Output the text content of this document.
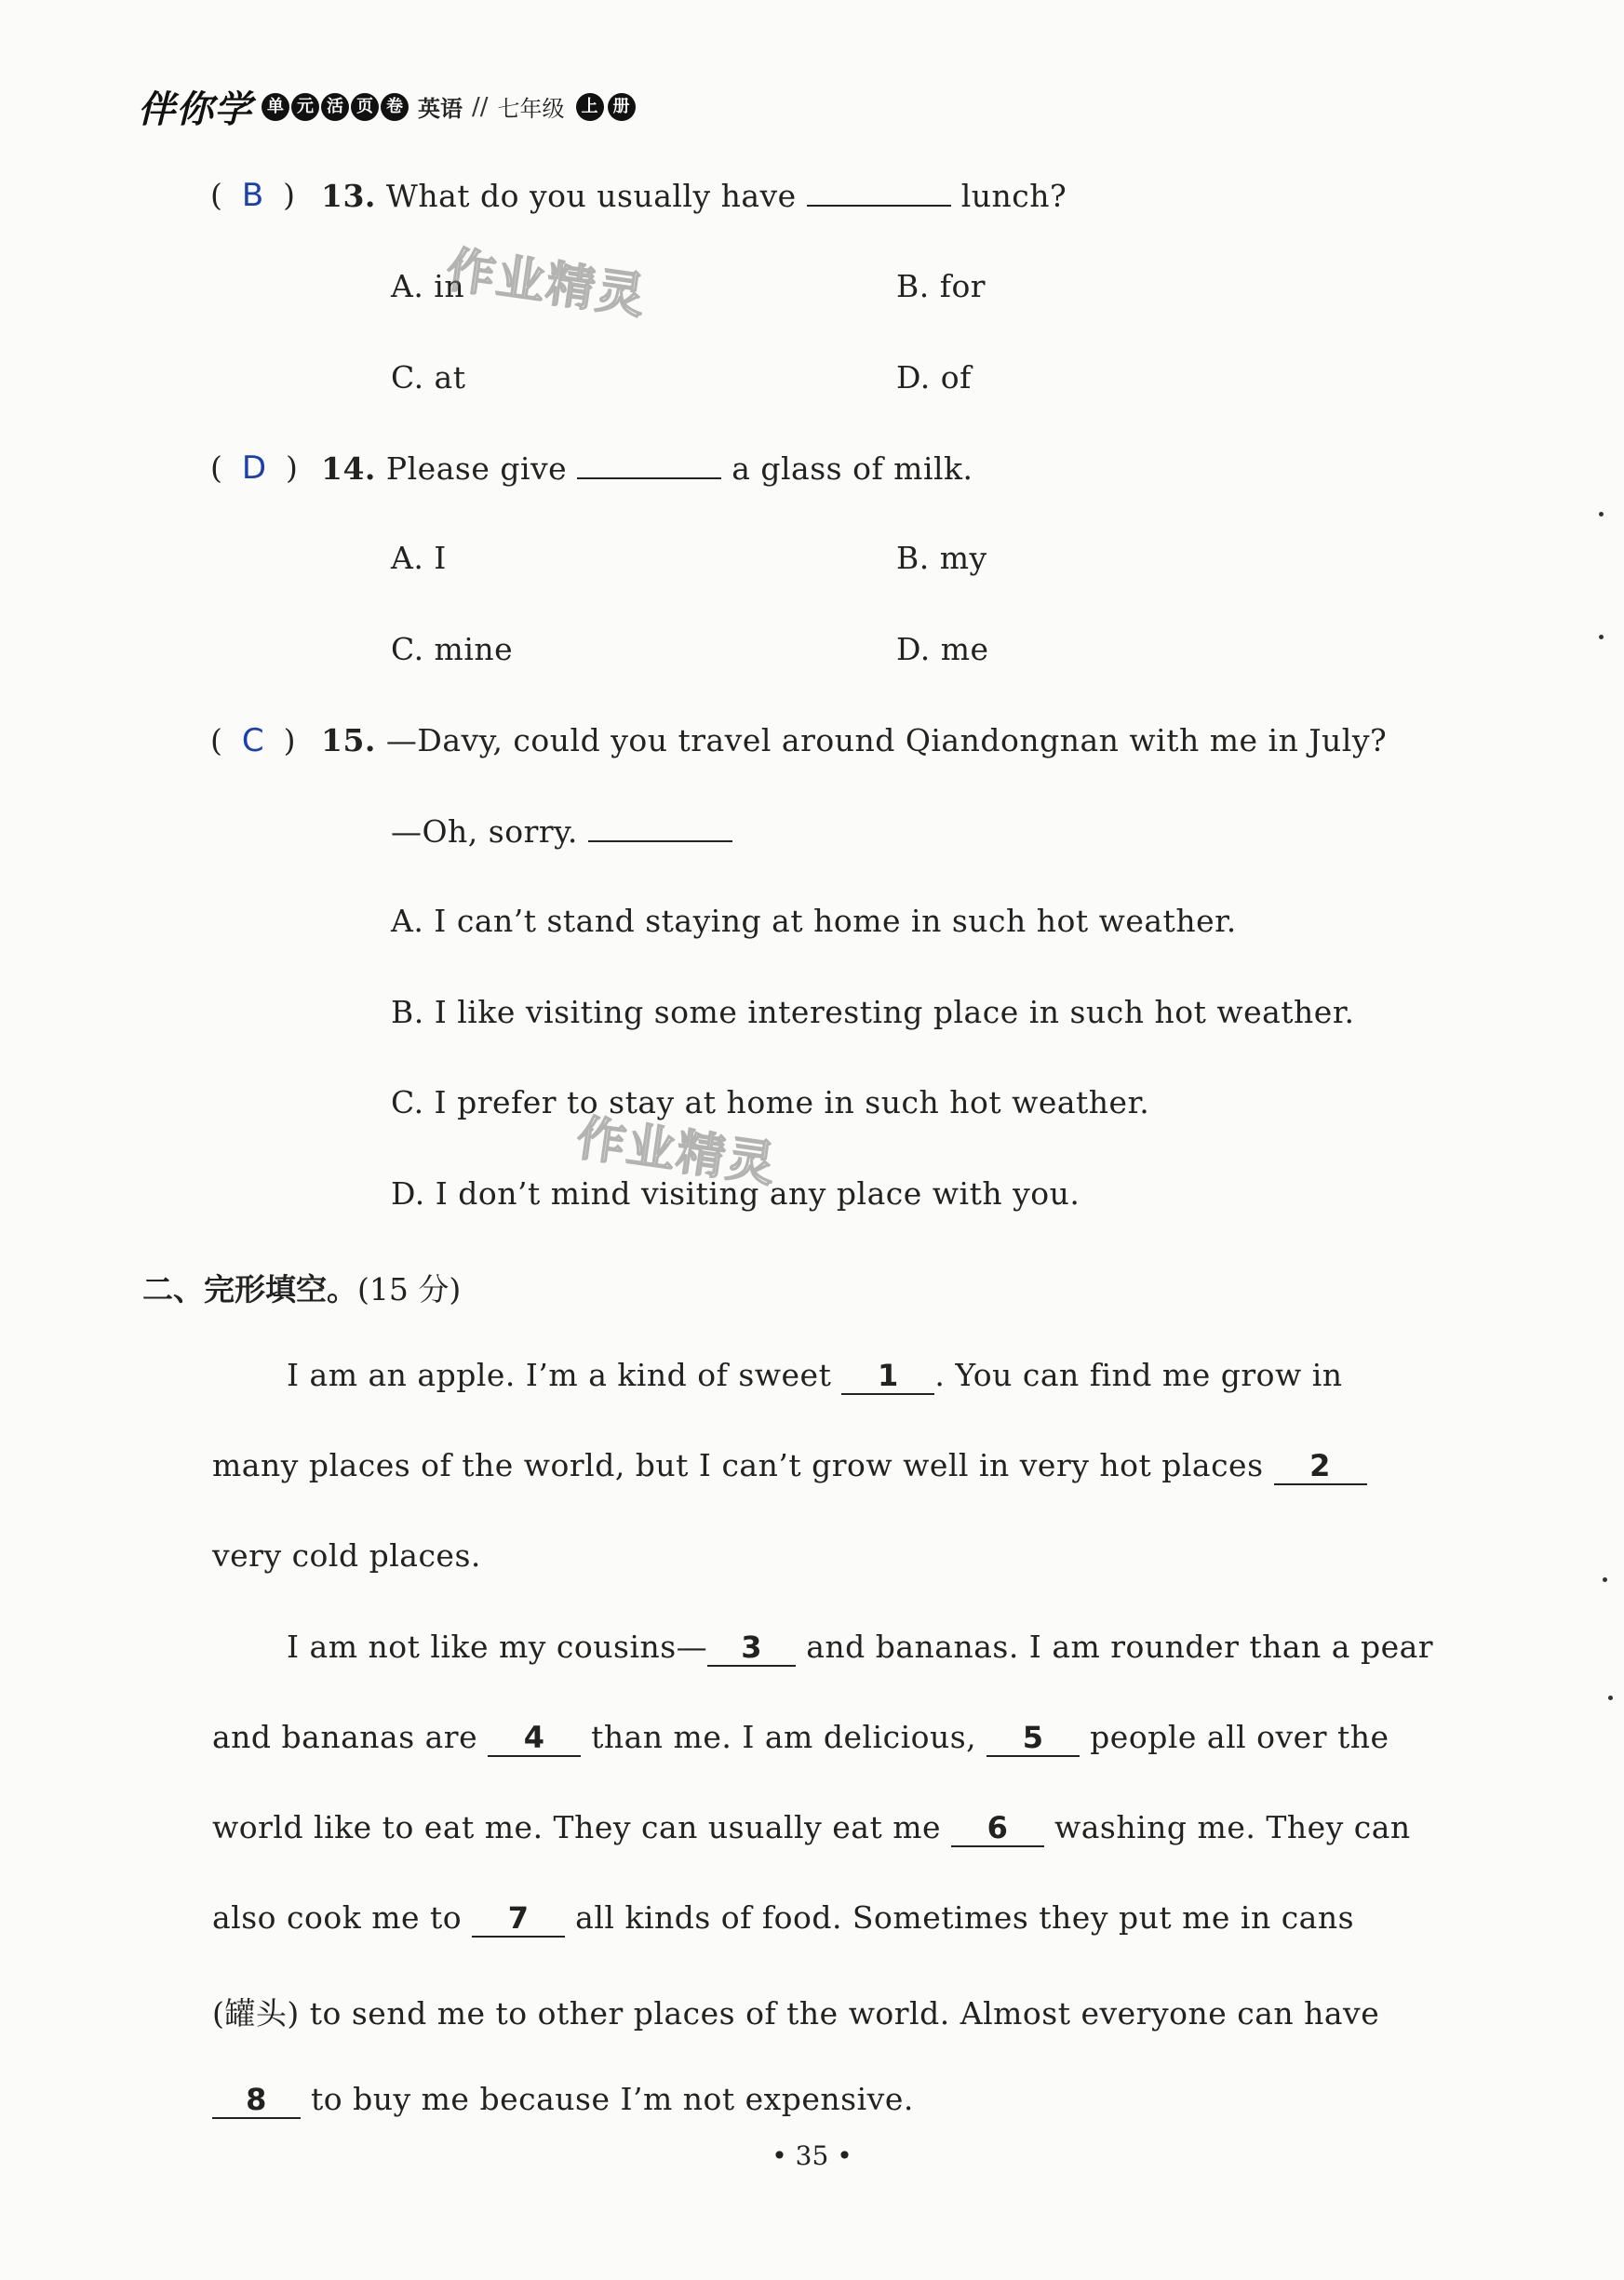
伴你学 单 元 活 页 卷 英语 // 七年级	上 册
(  B  ) 13. What do you usually have	lunch?
A. in	B. for
C. at	D. of
(  D  ) 14. Please give	a glass of milk.
A. I	B. my
C. mine	D. me
(  C  ) 15. —Davy, could you travel around Qiandongnan with me in July?
—Oh, sorry.
A. I can’t stand staying at home in such hot weather.
B. I like visiting some interesting place in such hot weather.
C. I prefer to stay at home in such hot weather.
D. I don’t mind visiting any place with you.
二、完形填空。(15 分)
I am an apple. I’m a kind of sweet 1 . You can find me grow in
many places of the world, but I can’t grow well in very hot places 2
very cold places.
I am not like my cousins— 3 and bananas. I am rounder than a pear
and bananas are 4 than me. I am delicious, 5 people all over the
world like to eat me. They can usually eat me 6 washing me. They can
also cook me to 7 all kinds of food. Sometimes they put me in cans
(罐头) to send me to other places of the world. Almost everyone can have
8 to buy me because I’m not expensive.
• 35 •
作业精灵
作业精灵
